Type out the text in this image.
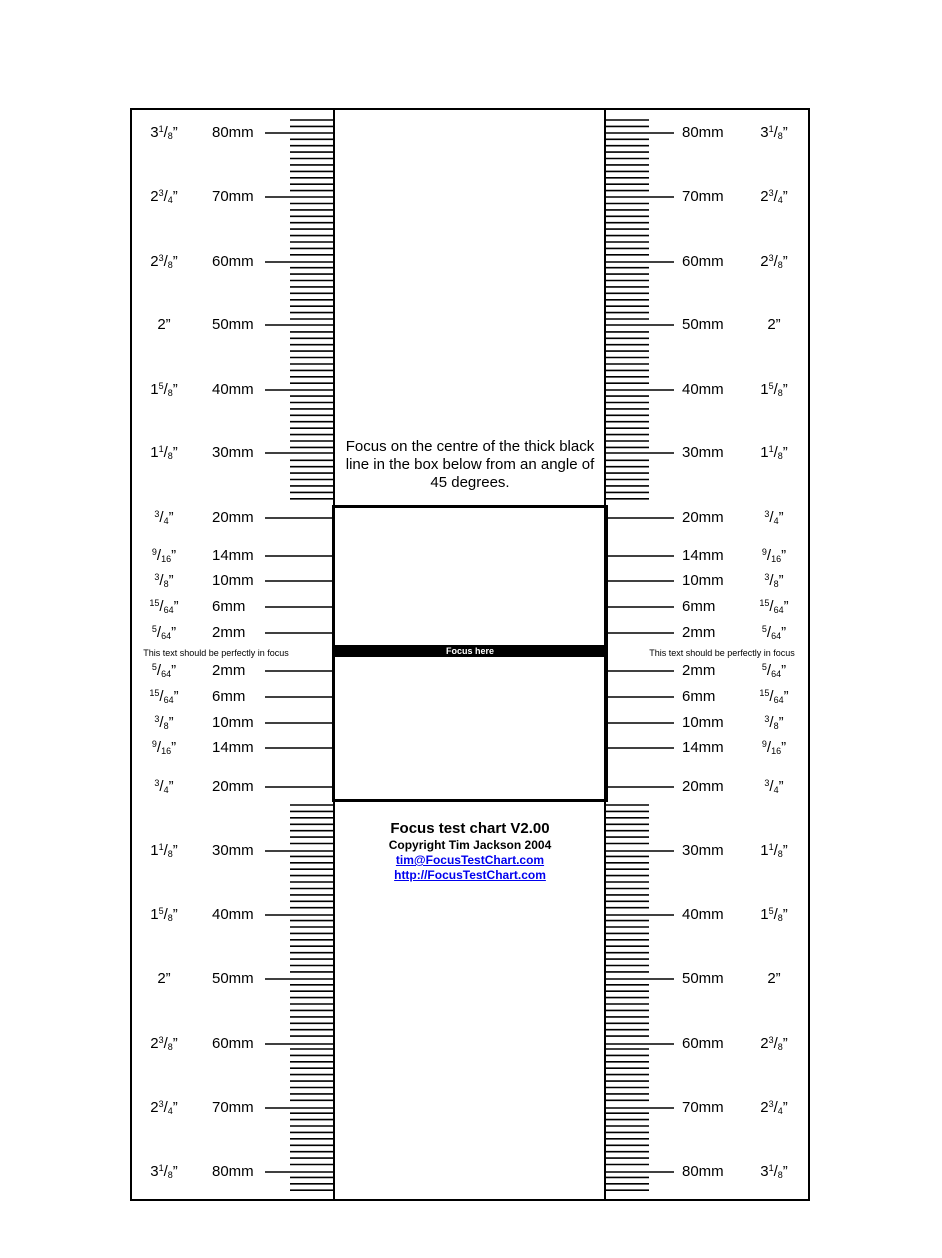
80mm	80mm
$3^1/_8$”	$3^1/_8$”
70mm	70mm
$2^3/_4$”	$2^3/_4$”
60mm	60mm
$2^3/_8$”	$2^3/_8$”
50mm	50mm
2”	2”
40mm	40mm
$1^5/_8$”	$1^5/_8$”
30mm	30mm
$1^1/_8$”	$1^1/_8$”
20mm	20mm
$^3/_4$”	$^3/_4$”
14mm	14mm
$^9/_{16}$”	$^9/_{16}$”
10mm	10mm
$^3/_8$”	$^3/_8$”
6mm	6mm
$^{15}/_{64}$”	$^{15}/_{64}$”
2mm	2mm
$^5/_{64}$”	$^5/_{64}$”
2mm	2mm
$^5/_{64}$”	$^5/_{64}$”
6mm	6mm
$^{15}/_{64}$”	$^{15}/_{64}$”
10mm	10mm
$^3/_8$”	$^3/_8$”
14mm	14mm
$^9/_{16}$”	$^9/_{16}$”
20mm	20mm
$^3/_4$”	$^3/_4$”
30mm	30mm
$1^1/_8$”	$1^1/_8$”
40mm	40mm
$1^5/_8$”	$1^5/_8$”
50mm	50mm
2”	2”
60mm	60mm
$2^3/_8$”	$2^3/_8$”
70mm	70mm
$2^3/_4$”	$2^3/_4$”
80mm	80mm
$3^1/_8$”	$3^1/_8$”
Focus on the centre of the thick black line in the box below from an angle of 45 degrees.
Focus here
This text should be perfectly in focus	This text should be perfectly in focus
Focus test chart V2.00
Copyright Tim Jackson 2004
tim@FocusTestChart.com
http://FocusTestChart.com
